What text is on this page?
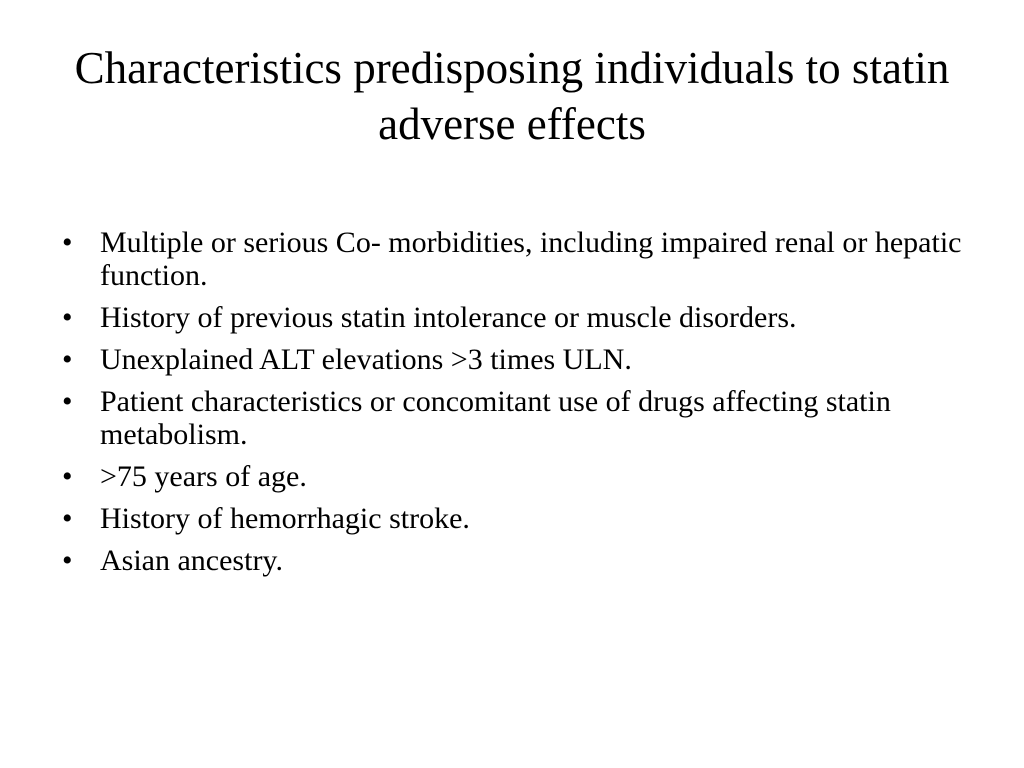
Characteristics predisposing individuals to statin adverse effects
• Multiple or serious Co- morbidities, including impaired renal or hepatic function.
• History of previous statin intolerance or muscle disorders.
• Unexplained ALT elevations >3 times ULN.
• Patient characteristics or concomitant use of drugs affecting statin metabolism.
• >75 years of age.
• History of hemorrhagic stroke.
• Asian ancestry.
